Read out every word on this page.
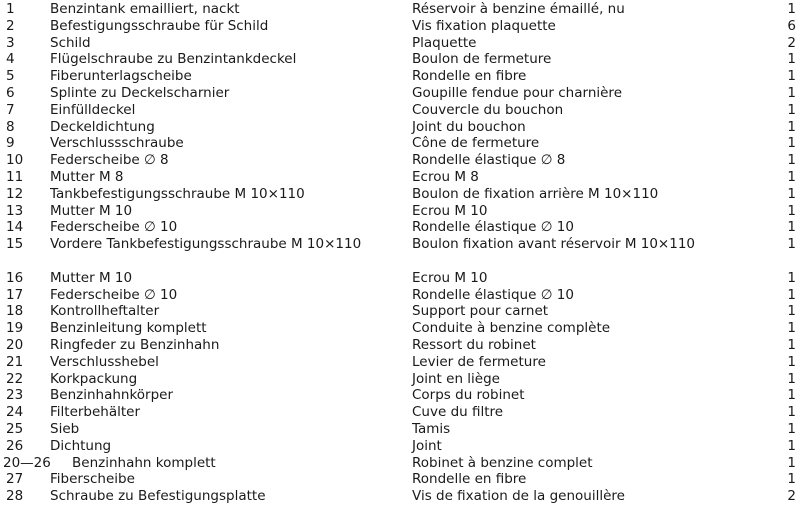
1	Benzintank emailliert, nackt	Réservoir à benzine émaillé, nu	1
2	Befestigungsschraube für Schild	Vis fixation plaquette	6
3	Schild	Plaquette	2
4	Flügelschraube zu Benzintankdeckel	Boulon de fermeture	1
5	Fiberunterlagscheibe	Rondelle en fibre	1
6	Splinte zu Deckelscharnier	Goupille fendue pour charnière	1
7	Einfülldeckel	Couvercle du bouchon	1
8	Deckeldichtung	Joint du bouchon	1
9	Verschlussschraube	Cône de fermeture	1
10	Federscheibe ∅ 8	Rondelle élastique ∅ 8	1
11	Mutter M 8	Ecrou M 8	1
12	Tankbefestigungsschraube M 10×110	Boulon de fixation arrière M 10×110	1
13	Mutter M 10	Ecrou M 10	1
14	Federscheibe ∅ 10	Rondelle élastique ∅ 10	1
15	Vordere Tankbefestigungsschraube M 10×110	Boulon fixation avant réservoir M 10×110	1
16	Mutter M 10	Ecrou M 10	1
17	Federscheibe ∅ 10	Rondelle élastique ∅ 10	1
18	Kontrollheftalter	Support pour carnet	1
19	Benzinleitung komplett	Conduite à benzine complète	1
20	Ringfeder zu Benzinhahn	Ressort du robinet	1
21	Verschlusshebel	Levier de fermeture	1
22	Korkpackung	Joint en liège	1
23	Benzinhahnkörper	Corps du robinet	1
24	Filterbehälter	Cuve du filtre	1
25	Sieb	Tamis	1
26	Dichtung	Joint	1
20—26	Benzinhahn komplett	Robinet à benzine complet	1
27	Fiberscheibe	Rondelle en fibre	1
28	Schraube zu Befestigungsplatte	Vis de fixation de la genouillère	2
